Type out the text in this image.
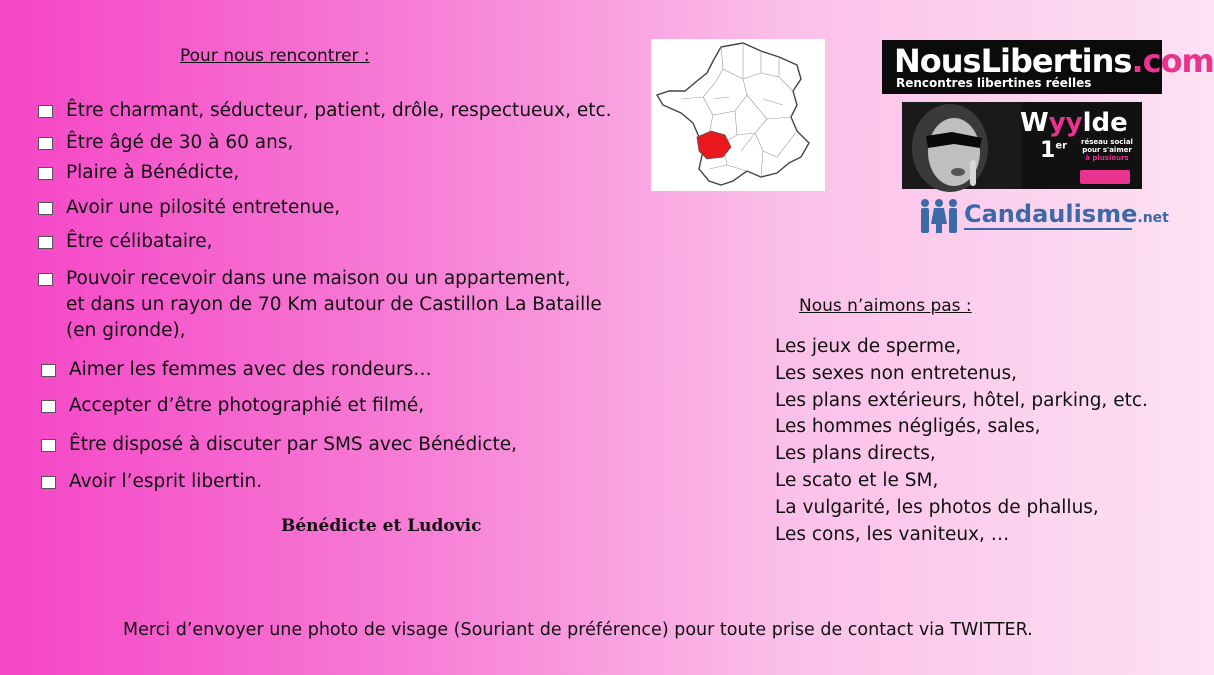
Pour nous rencontrer :
Être charmant, séducteur, patient, drôle, respectueux, etc.
Être âgé de 30 à 60 ans,
Plaire à Bénédicte,
Avoir une pilosité entretenue,
Être célibataire,
Pouvoir recevoir dans une maison ou un appartement,
et dans un rayon de 70 Km autour de Castillon La Bataille
(en gironde),
Aimer les femmes avec des rondeurs…
Accepter d’être photographié et filmé,
Être disposé à discuter par SMS avec Bénédicte,
Avoir l’esprit libertin.
Bénédicte et Ludovic
NousLibertins.com
Rencontres libertines réelles
Wyylde
1er	réseau social
pour s'aimer
à plusieurs
Candaulisme.net
Nous n’aimons pas :
Les jeux de sperme,
Les sexes non entretenus,
Les plans extérieurs, hôtel, parking, etc.
Les hommes négligés, sales,
Les plans directs,
Le scato et le SM,
La vulgarité, les photos de phallus,
Les cons, les vaniteux, …
Merci d’envoyer une photo de visage (Souriant de préférence) pour toute prise de contact via TWITTER.
